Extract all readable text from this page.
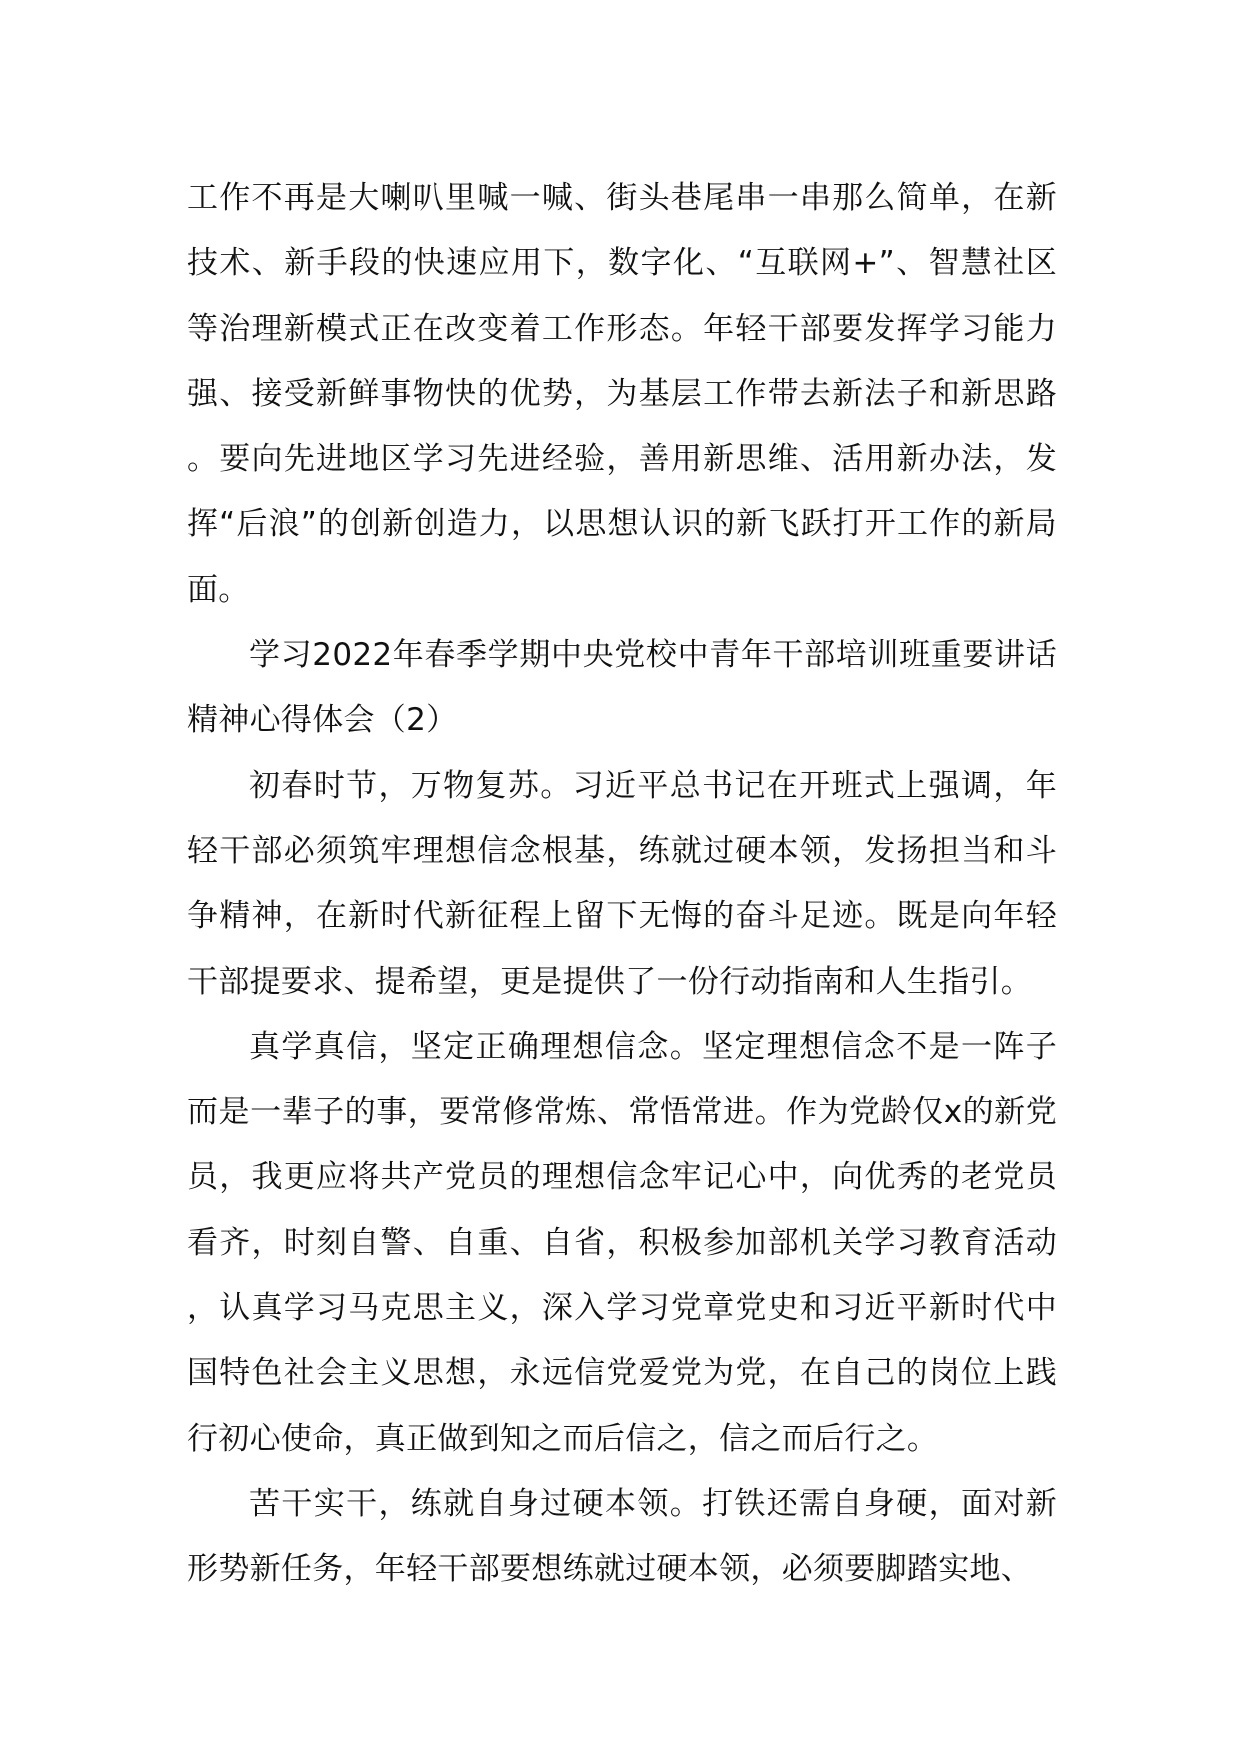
工作不再是大喇叭里喊一喊、街头巷尾串一串那么简单，在新技术、新手段的快速应用下，数字化、“互联网+”、智慧社区等治理新模式正在改变着工作形态。年轻干部要发挥学习能力强、接受新鲜事物快的优势，为基层工作带去新法子和新思路。要向先进地区学习先进经验，善用新思维、活用新办法，发挥“后浪”的创新创造力，以思想认识的新飞跃打开工作的新局面。

学习2022年春季学期中央党校中青年干部培训班重要讲话精神心得体会（2）

初春时节，万物复苏。习近平总书记在开班式上强调，年轻干部必须筑牢理想信念根基，练就过硬本领，发扬担当和斗争精神，在新时代新征程上留下无悔的奋斗足迹。既是向年轻干部提要求、提希望，更是提供了一份行动指南和人生指引。

真学真信，坚定正确理想信念。坚定理想信念不是一阵子而是一辈子的事，要常修常炼、常悟常进。作为党龄仅x的新党员，我更应将共产党员的理想信念牢记心中，向优秀的老党员看齐，时刻自警、自重、自省，积极参加部机关学习教育活动，认真学习马克思主义，深入学习党章党史和习近平新时代中国特色社会主义思想，永远信党爱党为党，在自己的岗位上践行初心使命，真正做到知之而后信之，信之而后行之。

苦干实干，练就自身过硬本领。打铁还需自身硬，面对新形势新任务，年轻干部要想练就过硬本领，必须要脚踏实地、
